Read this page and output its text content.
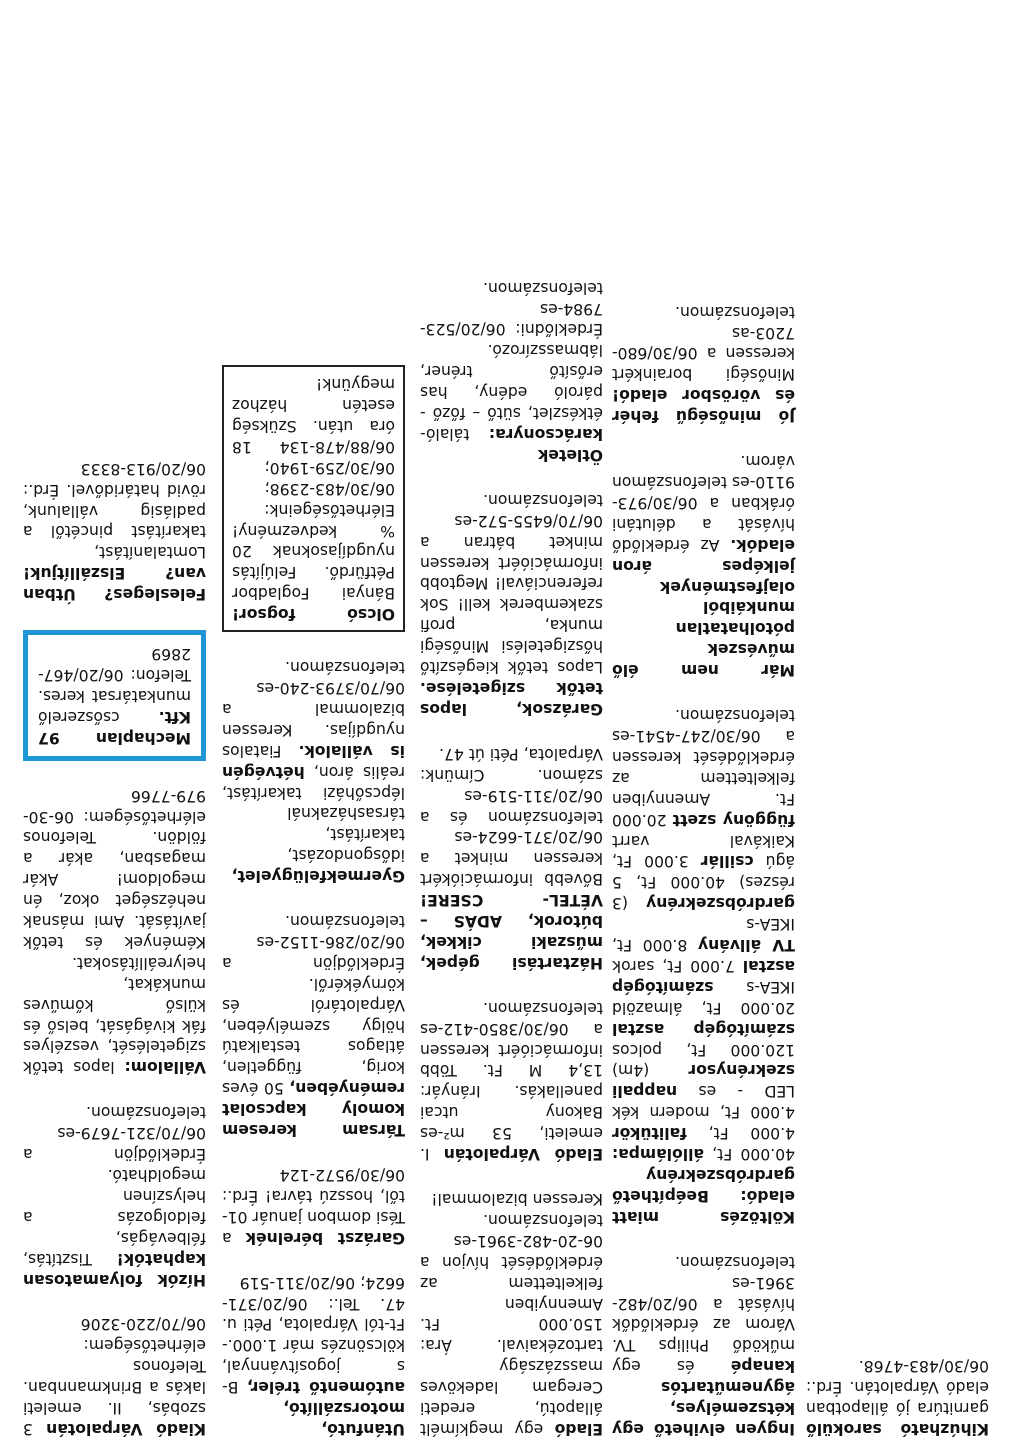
Kihúzható sarokülő garnitúra jó állapotban eladó Várpalotán. Érd.: 06/30/483-4768.
Ingyen elvihető egy kétszemélyes, ágyneműtartós kanapé és egy működő Philips TV. Várom az érdeklődők hívását a 06/20/482-3961-es telefonszámon.
Költözés miatt eladó: Beépíthető gardróbszekrény 40.000 Ft, állólámpa: 4.000 Ft, falitükör 4.000 Ft, modern kék LED - es nappali szekrénysor (4m) 120.000 Ft, polcos számítógép asztal 20.000 Ft, álmazöld IKEA-s számítógép asztal 7.000 Ft, sarok TV állvány 8.000 Ft, IKEA-s gardróbszekrény (3 részes) 40.000 Ft, 5 ágú csillár 3.000 Ft, Kaikával varrt függöny szett 20.000 Ft. Amennyiben felkeltettem az érdeklődését keressen a 06/30/247-4541-es telefonszámon.
Már nem élő művészek pótolhatatlan munkáiból olajfestmények jelképes áron eladók. Az érdeklődő hívását a délutáni órákban a 06/30/973-9110-es telefonszámon várom.
Jó minőségű fehér és vörösbor eladó! Minőségi borainkért keressen a 06/30/680-7203-as telefonszámon.
Eladó egy megkímélt állapotú, eredeti Ceregam ladeköves masszázságy tartozékaival. Ára: 150.000 Ft. Amennyiben felkeltettem az érdeklődését hívjon a 06-20-482-3961-es telefonszámon. Keressen bizalommal!
Eladó Várpalotán I. emeleti, 53 m²-es Bakony utcai panellakás. Irányár: 13,4 M Ft. Több információért keressen a 06/30/3850-412-es telefonszámon.
Háztartási gépek, műszaki cikkek, bútorok, ADÁS – VÉTEL- CSERE! Bővebb információkért keressen minket a 06/20/371-6624-es telefonszámon és a 06/20/311-519-es számon. Címünk: Várpalota, Péti út 47.
Garázsok, lapos tetők szigetelése. Lapos tetők kiegészítő hőszigetelési Minőségi munka, profi szakemberek kell! Sok referenciával! Megtobb információért keressen minket bátran a 06/70/6455-572-es telefonszámon.
Ötletek karácsonyra: tálaló-étkészlet, sütő – főző - pároló edény, has erősítő tréner, lábmasszírozó. Érdeklődni: 06/20/523-7984-es telefonszámon.
Utánfutó, motorszállító, autómentő tréler, B-s jogosítvánnyal, kölcsönzés már 1.000.- Ft-tól Várpalota, Péti u. 47. Tel.: 06/20/371-6624; 06/20/311-519
Garázst bérelnék a Tési dombon január 01-től, hosszú távra! Érd.: 06/30/9572-124
Társam keresem komoly kapcsolat reményében, 50 éves korig, független, átlagos testalkatú hölgy személyében, Várpalotáról és környékéről. Érdeklődjön a 06/20/286-1152-es telefonszámon.
Gyermekfelügyelet, idősgondozást, takarítást, társasházaknál lépcsőházi takarítást, reális áron, hétvégén is vállalok. Fiatalos nyugdíjas. Keressen bizalommal a 06/70/3793-240-es telefonszámon.
Olcsó fogsor! Bányai Fogladbor Pétfürdő. Felújítás nyugdíjasoknak 20 % kedvezmény! Elérhetőségeink: 06/30/483-2398; 06/30/259-1940; 06/88/478-134 18 óra után. Szükség esetén házhoz megyünk!
Kiadó Várpalotán 3 szobás, II. emeleti lakás a Brinkmannban. Telefonos elérhetőségem: 06/70/220-3206
Hízók folyamatosan kaphatók! Tisztítás, félbevágás, feldolgozás a helyszínen megoldható. Érdeklődjön a 06/70/321-7679-es telefonszámon.
Vállalom: lapos tetők szigetelését, veszélyes fák kivágását, belső és külső kőműves munkákat, helyreállításokat. Kémények és tetők javítását. Ami másnak nehézséget okoz, én megoldom! Akár magasban, akár a földön. Telefonos elérhetőségem: 06-30-979-7766
Mechaplan 97 Kft. csőszerelő munkatársat keres. Telefon: 06/20/467-2869
Felesleges? Útban van? Elszállítjuk! Lomtalanítást, takarítást pincétől a padlásig vállalunk, rövid határidővel. Érd.: 06/20/913-8333
